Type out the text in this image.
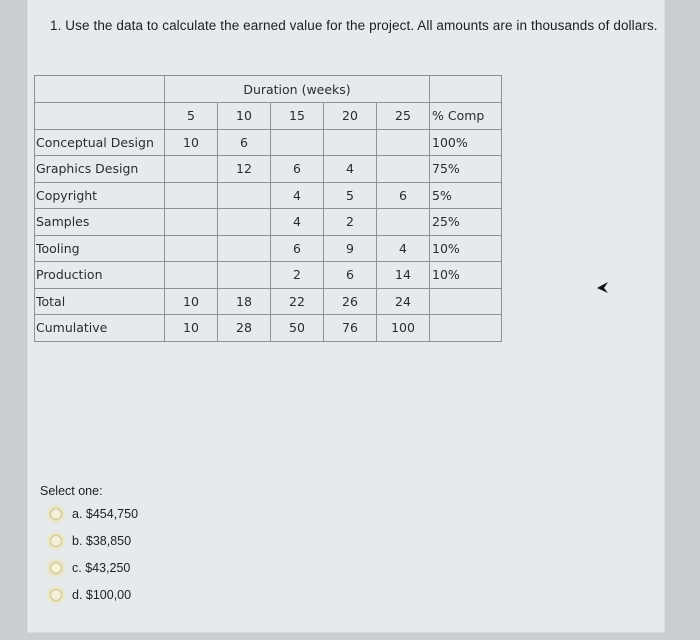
1. Use the data to calculate the earned value for the project. All amounts are in thousands of dollars.
	Duration (weeks)					
	5	10	15	20	25	% Comp
Conceptual Design	10	6				100%
Graphics Design		12	6	4		75%
Copyright			4	5	6	5%
Samples			4	2		25%
Tooling			6	9	4	10%
Production			2	6	14	10%
Total	10	18	22	26	24	
Cumulative	10	28	50	76	100	
Select one:
a. $454,750
b. $38,850
c. $43,250
d. $100,00
